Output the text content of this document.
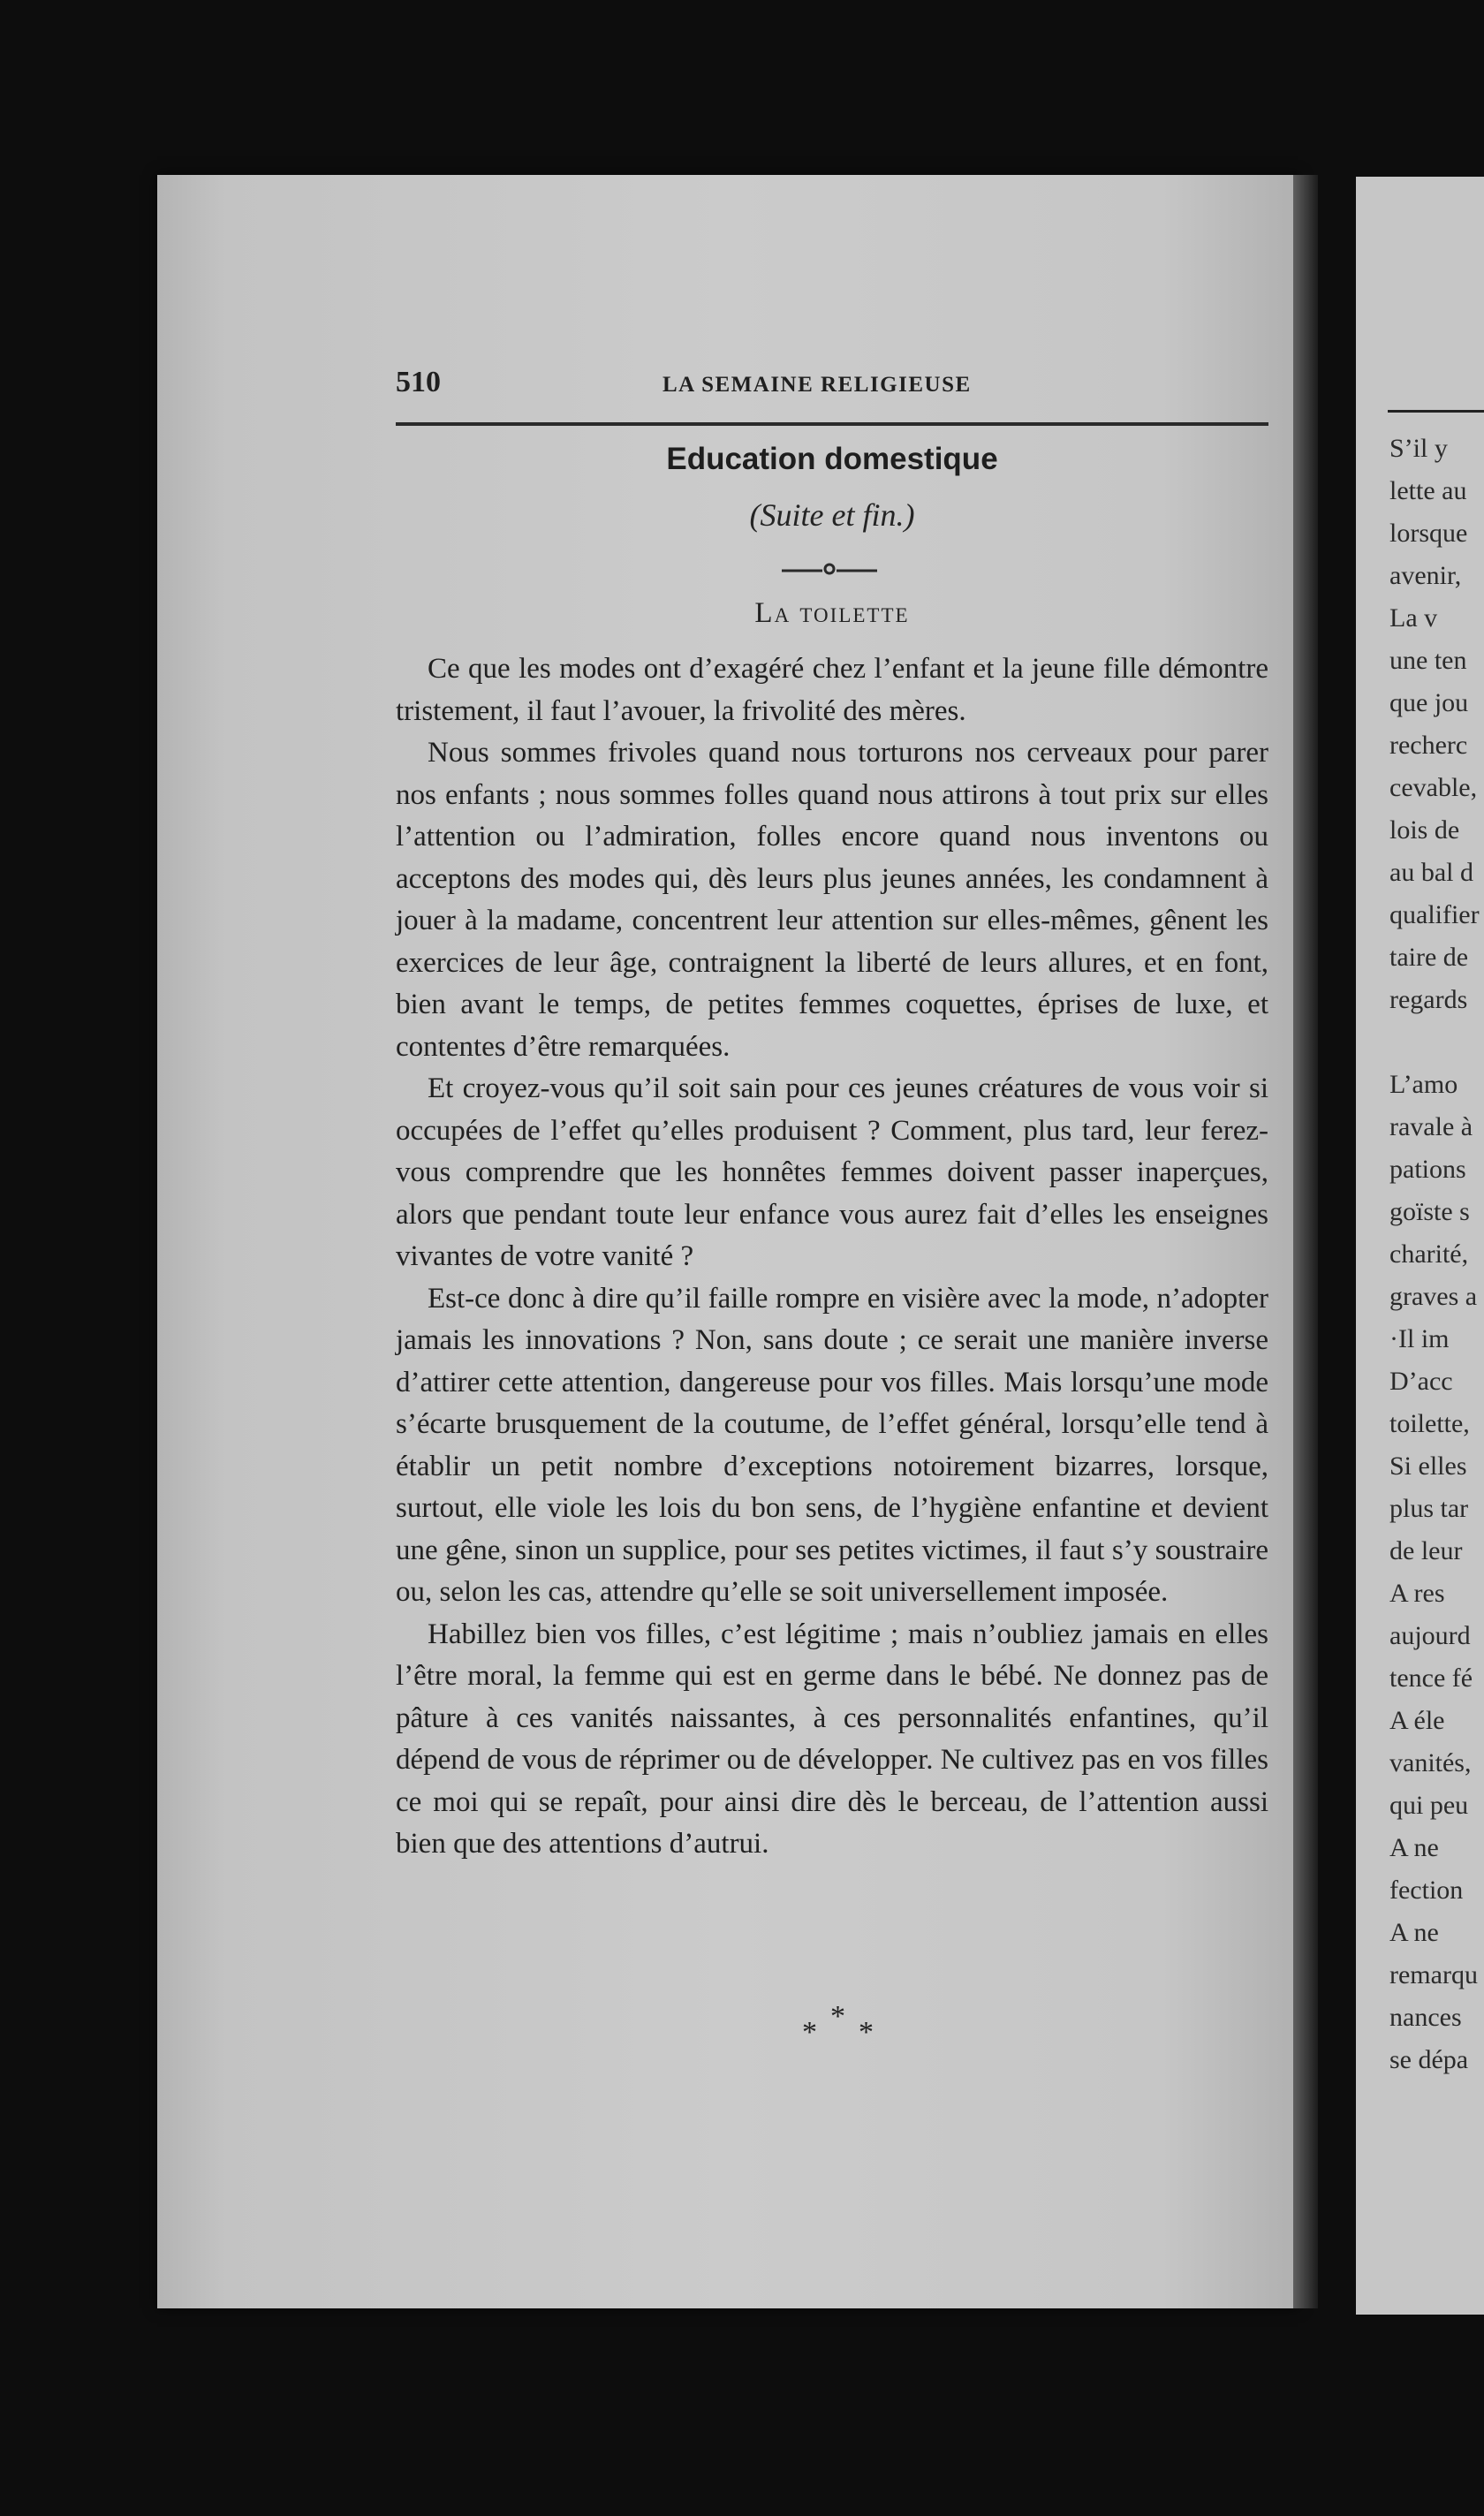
S’il y
lette au
lorsque
avenir,
La v
une ten
que jou
recherc
cevable,
lois de
au bal d
qualifier
taire de
regards

L’amo
ravale à
pations
goïste s
charité,
graves a
·Il im
D’acc
toilette,
Si elles
plus tar
de leur
A res
aujourd
tence fé
A éle
vanités,
qui peu
A ne
fection
A ne
remarqu
nances
se dépa
510	LA SEMAINE RELIGIEUSE
Education domestique
(Suite et fin.)
La toilette

Ce que les modes ont d’exagéré chez l’enfant et la jeune fille démontre tristement, il faut l’avouer, la frivolité des mères.

Nous sommes frivoles quand nous torturons nos cerveaux pour parer nos enfants ; nous sommes folles quand nous attirons à tout prix sur elles l’attention ou l’admiration, folles encore quand nous inventons ou acceptons des modes qui, dès leurs plus jeunes années, les condamnent à jouer à la madame, concentrent leur attention sur elles-mêmes, gênent les exercices de leur âge, contraignent la liberté de leurs allures, et en font, bien avant le temps, de petites femmes coquettes, éprises de luxe, et contentes d’être remarquées.

Et croyez-vous qu’il soit sain pour ces jeunes créatures de vous voir si occupées de l’effet qu’elles produisent ? Comment, plus tard, leur ferez-vous comprendre que les honnêtes femmes doivent passer inaperçues, alors que pendant toute leur enfance vous aurez fait d’elles les enseignes vivantes de votre vanité ?

Est-ce donc à dire qu’il faille rompre en visière avec la mode, n’adopter jamais les innovations ? Non, sans doute ; ce serait une manière inverse d’attirer cette attention, dangereuse pour vos filles. Mais lorsqu’une mode s’écarte brusquement de la coutume, de l’effet général, lorsqu’elle tend à établir un petit nombre d’exceptions notoirement bizarres, lorsque, surtout, elle viole les lois du bon sens, de l’hygiène enfantine et devient une gêne, sinon un supplice, pour ses petites victimes, il faut s’y soustraire ou, selon les cas, attendre qu’elle se soit universellement imposée.

Habillez bien vos filles, c’est légitime ; mais n’oubliez jamais en elles l’être moral, la femme qui est en germe dans le bébé. Ne donnez pas de pâture à ces vanités naissantes, à ces personnalités enfantines, qu’il dépend de vous de réprimer ou de développer. Ne cultivez pas en vos filles ce moi qui se repaît, pour ainsi dire dès le berceau, de l’attention aussi bien que des attentions d’autrui.

* * *
